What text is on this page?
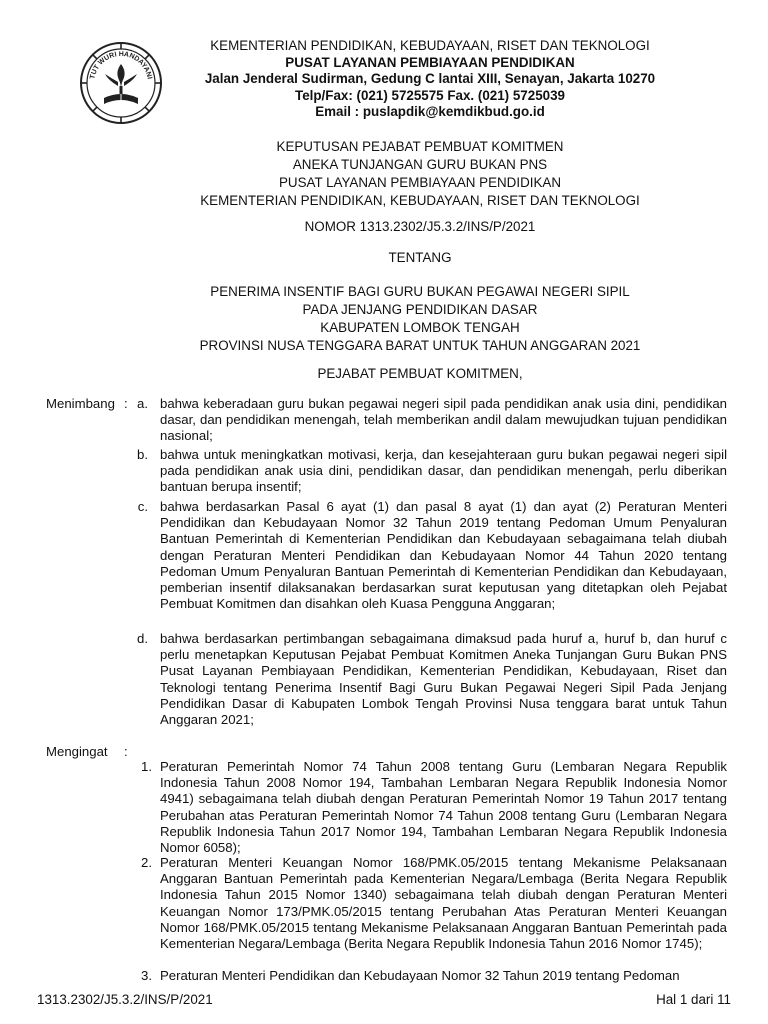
TUT WURI HANDAYANI
KEMENTERIAN PENDIDIKAN, KEBUDAYAAN, RISET DAN TEKNOLOGI
PUSAT LAYANAN PEMBIAYAAN PENDIDIKAN
Jalan Jenderal Sudirman, Gedung C lantai XIII, Senayan, Jakarta 10270
Telp/Fax: (021) 5725575 Fax. (021) 5725039
Email : puslapdik@kemdikbud.go.id
KEPUTUSAN PEJABAT PEMBUAT KOMITMEN
ANEKA TUNJANGAN GURU BUKAN PNS
PUSAT LAYANAN PEMBIAYAAN PENDIDIKAN
KEMENTERIAN PENDIDIKAN, KEBUDAYAAN, RISET DAN TEKNOLOGI
NOMOR 1313.2302/J5.3.2/INS/P/2021
TENTANG
PENERIMA INSENTIF BAGI GURU BUKAN PEGAWAI NEGERI SIPIL
PADA JENJANG PENDIDIKAN DASAR
KABUPATEN LOMBOK TENGAH
PROVINSI NUSA TENGGARA BARAT UNTUK TAHUN ANGGARAN 2021
PEJABAT PEMBUAT KOMITMEN,
Menimbang : a. bahwa keberadaan guru bukan pegawai negeri sipil pada pendidikan anak usia dini, pendidikan dasar, dan pendidikan menengah, telah memberikan andil dalam mewujudkan tujuan pendidikan nasional;
b. bahwa untuk meningkatkan motivasi, kerja, dan kesejahteraan guru bukan pegawai negeri sipil pada pendidikan anak usia dini, pendidikan dasar, dan pendidikan menengah, perlu diberikan bantuan berupa insentif;
c. bahwa berdasarkan Pasal 6 ayat (1) dan pasal 8 ayat (1) dan ayat (2) Peraturan Menteri Pendidikan dan Kebudayaan Nomor 32 Tahun 2019 tentang Pedoman Umum Penyaluran Bantuan Pemerintah di Kementerian Pendidikan dan Kebudayaan sebagaimana telah diubah dengan Peraturan Menteri Pendidikan dan Kebudayaan Nomor 44 Tahun 2020 tentang Pedoman Umum Penyaluran Bantuan Pemerintah di Kementerian Pendidikan dan Kebudayaan, pemberian insentif dilaksanakan berdasarkan surat keputusan yang ditetapkan oleh Pejabat Pembuat Komitmen dan disahkan oleh Kuasa Pengguna Anggaran;
d. bahwa berdasarkan pertimbangan sebagaimana dimaksud pada huruf a, huruf b, dan huruf c perlu menetapkan Keputusan Pejabat Pembuat Komitmen Aneka Tunjangan Guru Bukan PNS Pusat Layanan Pembiayaan Pendidikan, Kementerian Pendidikan, Kebudayaan, Riset dan Teknologi tentang Penerima Insentif Bagi Guru Bukan Pegawai Negeri Sipil Pada Jenjang Pendidikan Dasar di Kabupaten Lombok Tengah Provinsi Nusa tenggara barat untuk Tahun Anggaran 2021;
Mengingat :
1. Peraturan Pemerintah Nomor 74 Tahun 2008 tentang Guru (Lembaran Negara Republik Indonesia Tahun 2008 Nomor 194, Tambahan Lembaran Negara Republik Indonesia Nomor 4941) sebagaimana telah diubah dengan Peraturan Pemerintah Nomor 19 Tahun 2017 tentang Perubahan atas Peraturan Pemerintah Nomor 74 Tahun 2008 tentang Guru (Lembaran Negara Republik Indonesia Tahun 2017 Nomor 194, Tambahan Lembaran Negara Republik Indonesia Nomor 6058);
2. Peraturan Menteri Keuangan Nomor 168/PMK.05/2015 tentang Mekanisme Pelaksanaan Anggaran Bantuan Pemerintah pada Kementerian Negara/Lembaga (Berita Negara Republik Indonesia Tahun 2015 Nomor 1340) sebagaimana telah diubah dengan Peraturan Menteri Keuangan Nomor 173/PMK.05/2015 tentang Perubahan Atas Peraturan Menteri Keuangan Nomor 168/PMK.05/2015 tentang Mekanisme Pelaksanaan Anggaran Bantuan Pemerintah pada Kementerian Negara/Lembaga (Berita Negara Republik Indonesia Tahun 2016 Nomor 1745);
3. Peraturan Menteri Pendidikan dan Kebudayaan Nomor 32 Tahun 2019 tentang Pedoman
1313.2302/J5.3.2/INS/P/2021	Hal 1 dari 11
